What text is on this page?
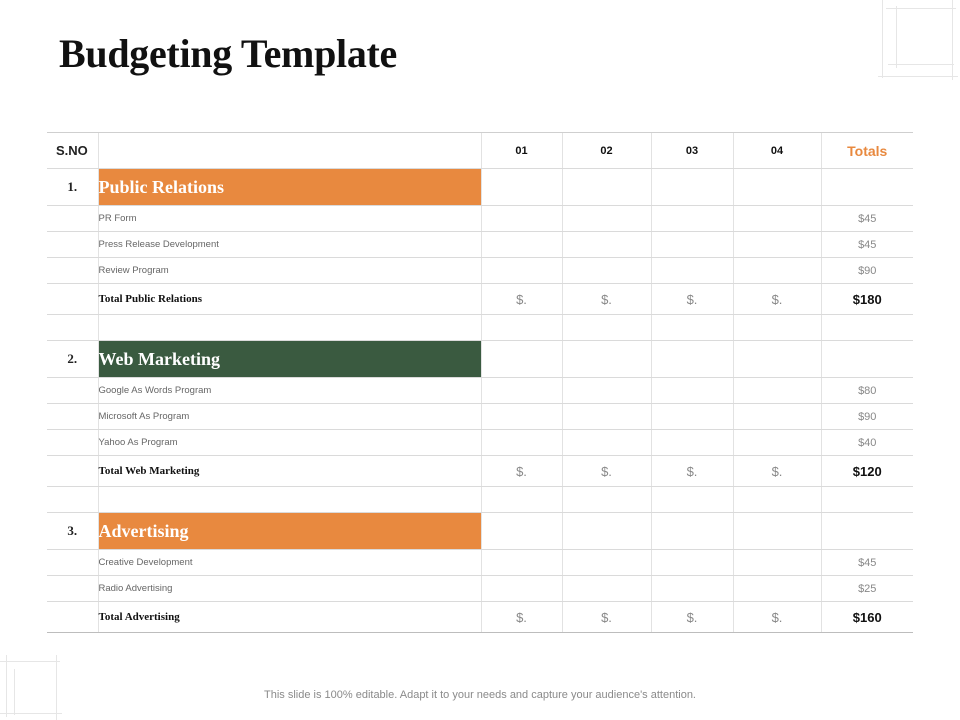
Budgeting Template
S.NO		01	02	03	04	Totals
1.	Public Relations					
	PR Form					$45
	Press Release Development					$45
	Review Program					$90
	Total Public Relations	$.	$.	$.	$.	$180

2.	Web Marketing					
	Google As Words Program					$80
	Microsoft As Program					$90
	Yahoo As Program					$40
	Total Web Marketing	$.	$.	$.	$.	$120

3.	Advertising					
	Creative Development					$45
	Radio Advertising					$25
	Total Advertising	$.	$.	$.	$.	$160
This slide is 100% editable. Adapt it to your needs and capture your audience's attention.
